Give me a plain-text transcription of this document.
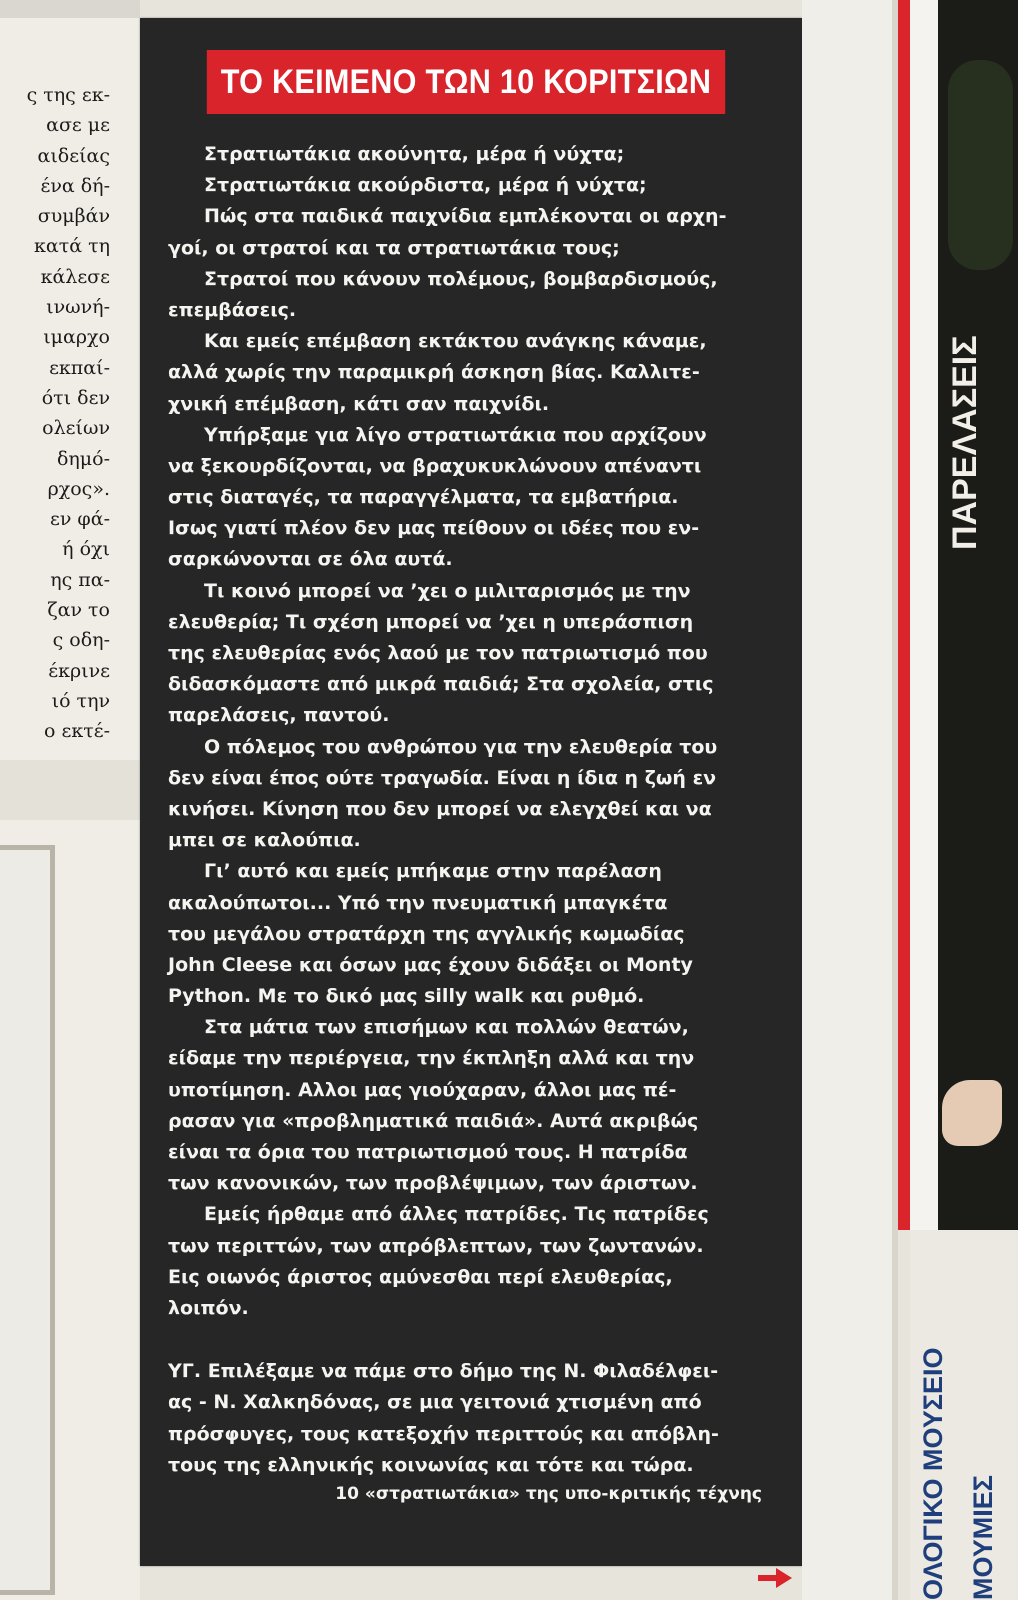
ς της εκ-
ασε με
αιδείας
ένα δή-
συμβάν
κατά τη
κάλεσε
ινωνή-
ιμαρχο
εκπαί-
ότι δεν
ολείων
δημό-
ρχος».
εν φά-
ή όχι
ης πα-
ζαν το
ς οδη-
έκρινε
ιό την
ο εκτέ-
ΤΟ ΚΕΙΜΕΝΟ ΤΩΝ 10 ΚΟΡΙΤΣΙΩΝ
Στρατιωτάκια ακούνητα, μέρα ή νύχτα;
Στρατιωτάκια ακούρδιστα, μέρα ή νύχτα;
Πώς στα παιδικά παιχνίδια εμπλέκονται οι αρχη-
γοί, οι στρατοί και τα στρατιωτάκια τους;
Στρατοί που κάνουν πολέμους, βομβαρδισμούς,
επεμβάσεις.
Και εμείς επέμβαση εκτάκτου ανάγκης κάναμε,
αλλά χωρίς την παραμικρή άσκηση βίας. Καλλιτε-
χνική επέμβαση, κάτι σαν παιχνίδι.
Υπήρξαμε για λίγο στρατιωτάκια που αρχίζουν
να ξεκουρδίζονται, να βραχυκυκλώνουν απέναντι
στις διαταγές, τα παραγγέλματα, τα εμβατήρια.
Ισως γιατί πλέον δεν μας πείθουν οι ιδέες που εν-
σαρκώνονται σε όλα αυτά.
Τι κοινό μπορεί να ’χει ο μιλιταρισμός με την
ελευθερία; Τι σχέση μπορεί να ’χει η υπεράσπιση
της ελευθερίας ενός λαού με τον πατριωτισμό που
διδασκόμαστε από μικρά παιδιά; Στα σχολεία, στις
παρελάσεις, παντού.
Ο πόλεμος του ανθρώπου για την ελευθερία του
δεν είναι έπος ούτε τραγωδία. Είναι η ίδια η ζωή εν
κινήσει. Κίνηση που δεν μπορεί να ελεγχθεί και να
μπει σε καλούπια.
Γι’ αυτό και εμείς μπήκαμε στην παρέλαση
ακαλούπωτοι... Υπό την πνευματική μπαγκέτα
του μεγάλου στρατάρχη της αγγλικής κωμωδίας
John Cleese και όσων μας έχουν διδάξει οι Monty
Python. Με το δικό μας silly walk και ρυθμό.
Στα μάτια των επισήμων και πολλών θεατών,
είδαμε την περιέργεια, την έκπληξη αλλά και την
υποτίμηση. Αλλοι μας γιούχαραν, άλλοι μας πέ-
ρασαν για «προβληματικά παιδιά». Αυτά ακριβώς
είναι τα όρια του πατριωτισμού τους. Η πατρίδα
των κανονικών, των προβλέψιμων, των άριστων.
Εμείς ήρθαμε από άλλες πατρίδες. Τις πατρίδες
των περιττών, των απρόβλεπτων, των ζωντανών.
Εις οιωνός άριστος αμύνεσθαι περί ελευθερίας,
λοιπόν.
ΥΓ. Επιλέξαμε να πάμε στο δήμο της Ν. Φιλαδέλφει-
ας - Ν. Χαλκηδόνας, σε μια γειτονιά χτισμένη από
πρόσφυγες, τους κατεξοχήν περιττούς και απόβλη-
τους της ελληνικής κοινωνίας και τότε και τώρα.

10 «στρατιωτάκια» της υπο-κριτικής τέχνης

ΠΑΡΕΛΑΣΕΙΣ
ΟΛΟΓΙΚΟ ΜΟΥΣΕΙΟ ΜΟΥΜΙΕΣ
